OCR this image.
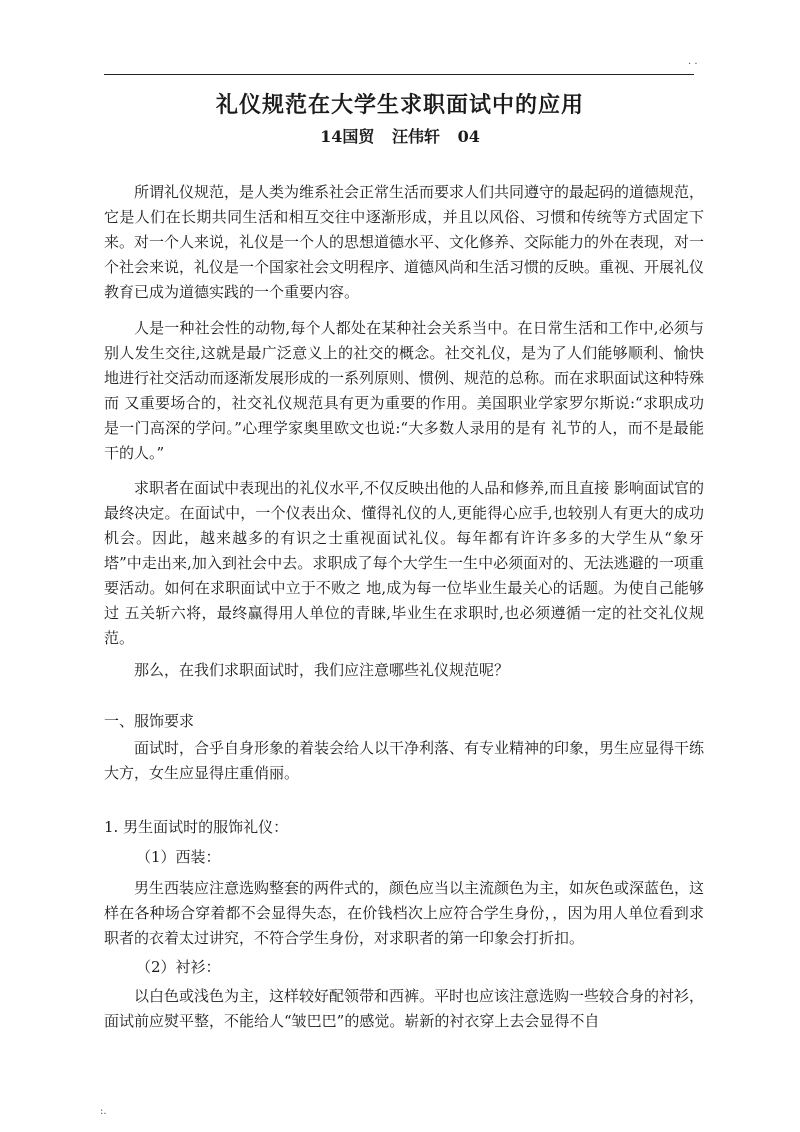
. .
礼仪规范在大学生求职面试中的应用
14国贸 汪伟轩 04

所谓礼仪规范，是人类为维系社会正常生活而要求人们共同遵守的最起码的道德规范，它是人们在长期共同生活和相互交往中逐渐形成，并且以风俗、习惯和传统等方式固定下来。对一个人来说，礼仪是一个人的思想道德水平、文化修养、交际能力的外在表现，对一个社会来说，礼仪是一个国家社会文明程序、道德风尚和生活习惯的反映。重视、开展礼仪教育已成为道德实践的一个重要内容。

人是一种社会性的动物,每个人都处在某种社会关系当中。在日常生活和工作中,必须与别人发生交往,这就是最广泛意义上的社交的概念。社交礼仪，是为了人们能够顺利、愉快地进行社交活动而逐渐发展形成的一系列原则、惯例、规范的总称。而在求职面试这种特殊而 又重要场合的，社交礼仪规范具有更为重要的作用。美国职业学家罗尔斯说:“求职成功是一门高深的学问。”心理学家奥里欧文也说:“大多数人录用的是有 礼节的人，而不是最能干的人。”

求职者在面试中表现出的礼仪水平,不仅反映出他的人品和修养,而且直接 影响面试官的最终决定。在面试中，一个仪表出众、懂得礼仪的人,更能得心应手,也较别人有更大的成功机会。因此，越来越多的有识之士重视面试礼仪。每年都有许许多多的大学生从“象牙塔”中走出来,加入到社会中去。求职成了每个大学生一生中必须面对的、无法逃避的一项重要活动。如何在求职面试中立于不败之 地,成为每一位毕业生最关心的话题。为使自己能够过 五关斩六将，最终赢得用人单位的青睐,毕业生在求职时,也必须遵循一定的社交礼仪规范。

那么，在我们求职面试时，我们应注意哪些礼仪规范呢？

一、服饰要求

面试时，合乎自身形象的着装会给人以干净利落、有专业精神的印象，男生应显得干练大方，女生应显得庄重俏丽。

1. 男生面试时的服饰礼仪：
（1）西装：

男生西装应注意选购整套的两件式的，颜色应当以主流颜色为主，如灰色或深蓝色，这样在各种场合穿着都不会显得失态，在价钱档次上应符合学生身份，，因为用人单位看到求职者的衣着太过讲究，不符合学生身份，对求职者的第一印象会打折扣。

（2）衬衫：

以白色或浅色为主，这样较好配领带和西裤。平时也应该注意选购一些较合身的衬衫，面试前应熨平整，不能给人“皱巴巴”的感觉。崭新的衬衣穿上去会显得不自

:.
